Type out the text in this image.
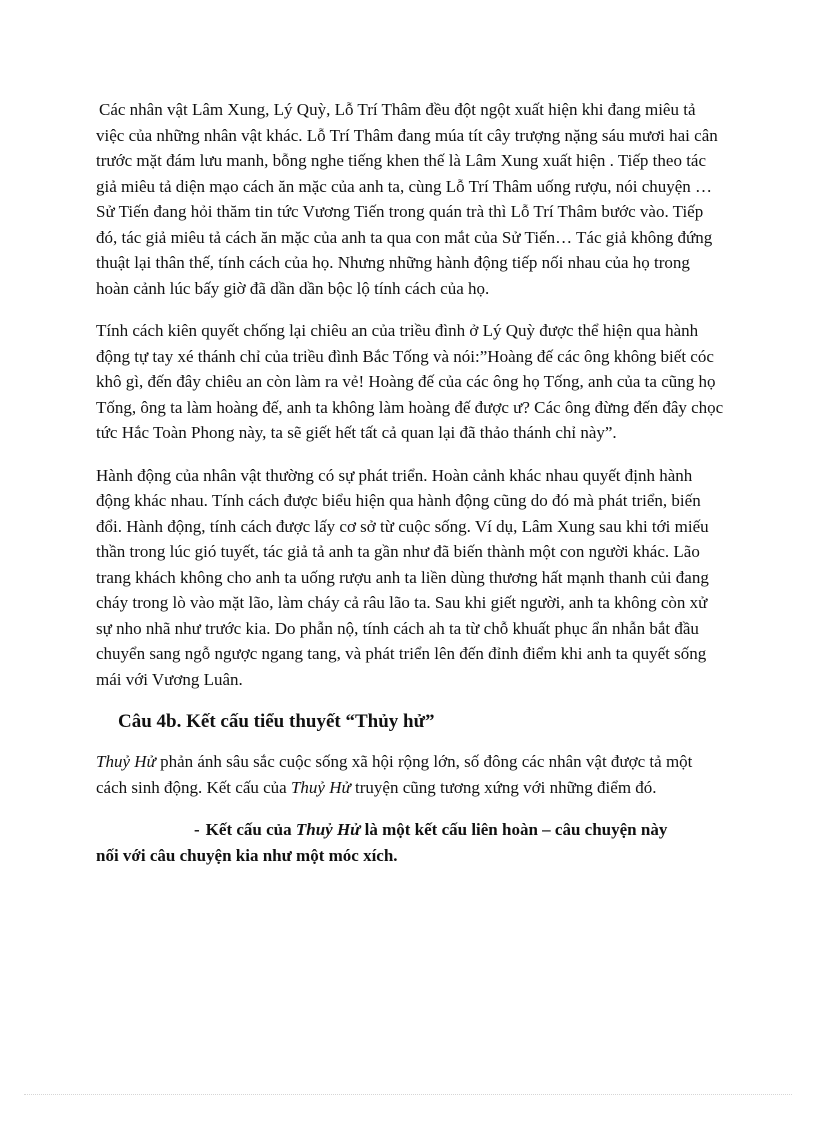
Các nhân vật Lâm Xung, Lý Quỳ, Lỗ Trí Thâm đều đột ngột xuất hiện khi đang miêu tả việc của những nhân vật khác. Lỗ Trí Thâm đang múa tít cây trượng nặng sáu mươi hai cân trước mặt đám lưu manh, bỗng nghe tiếng khen thế là Lâm Xung xuất hiện . Tiếp theo tác giả miêu tả diện mạo cách ăn mặc của anh ta, cùng Lỗ Trí Thâm uống rượu, nói chuyện … Sử Tiến đang hỏi thăm tin tức Vương Tiến trong quán trà thì Lỗ Trí Thâm bước vào. Tiếp đó, tác giả miêu tả cách ăn mặc của anh ta qua con mắt của Sử Tiến… Tác giả không đứng thuật lại thân thế, tính cách của họ. Nhưng những hành động tiếp nối nhau của họ trong hoàn cảnh lúc bấy giờ đã dần dần bộc lộ tính cách của họ.

Tính cách kiên quyết chống lại chiêu an của triều đình ở Lý Quỳ được thể hiện qua hành động tự tay xé thánh chỉ của triều đình Bắc Tống và nói:”Hoàng đế các ông không biết cóc khô gì, đến đây chiêu an còn làm ra vẻ! Hoàng đế của các ông họ Tống, anh của ta cũng họ Tống, ông ta làm hoàng đế, anh ta không làm hoàng đế được ư? Các ông đừng đến đây chọc tức Hắc Toàn Phong này, ta sẽ giết hết tất cả quan lại đã thảo thánh chỉ này”.

Hành động của nhân vật thường có sự phát triển. Hoàn cảnh khác nhau quyết định hành động khác nhau. Tính cách được biểu hiện qua hành động cũng do đó mà phát triển, biến đổi. Hành động, tính cách được lấy cơ sở từ cuộc sống. Ví dụ, Lâm Xung sau khi tới miếu thần trong lúc gió tuyết, tác giả tả anh ta gần như đã biến thành một con người khác. Lão trang khách không cho anh ta uống rượu anh ta liền dùng thương hất mạnh thanh củi đang cháy trong lò vào mặt lão, làm cháy cả râu lão ta. Sau khi giết người, anh ta không còn xử sự nho nhã như trước kia. Do phẫn nộ, tính cách ah ta từ chỗ khuất phục ẩn nhẫn bắt đầu chuyển sang ngỗ ngược ngang tang, và phát triển lên đến đỉnh điểm khi anh ta quyết sống mái với Vương Luân.

Câu 4b. Kết cấu tiểu thuyết “Thủy hử”

Thuỷ Hử phản ánh sâu sắc cuộc sống xã hội rộng lớn, số đông các nhân vật được tả một cách sinh động. Kết cấu của Thuỷ Hử truyện cũng tương xứng với những điểm đó.

- Kết cấu của Thuỷ Hử là một kết cấu liên hoàn – câu chuyện này
nối với câu chuyện kia như một móc xích.
